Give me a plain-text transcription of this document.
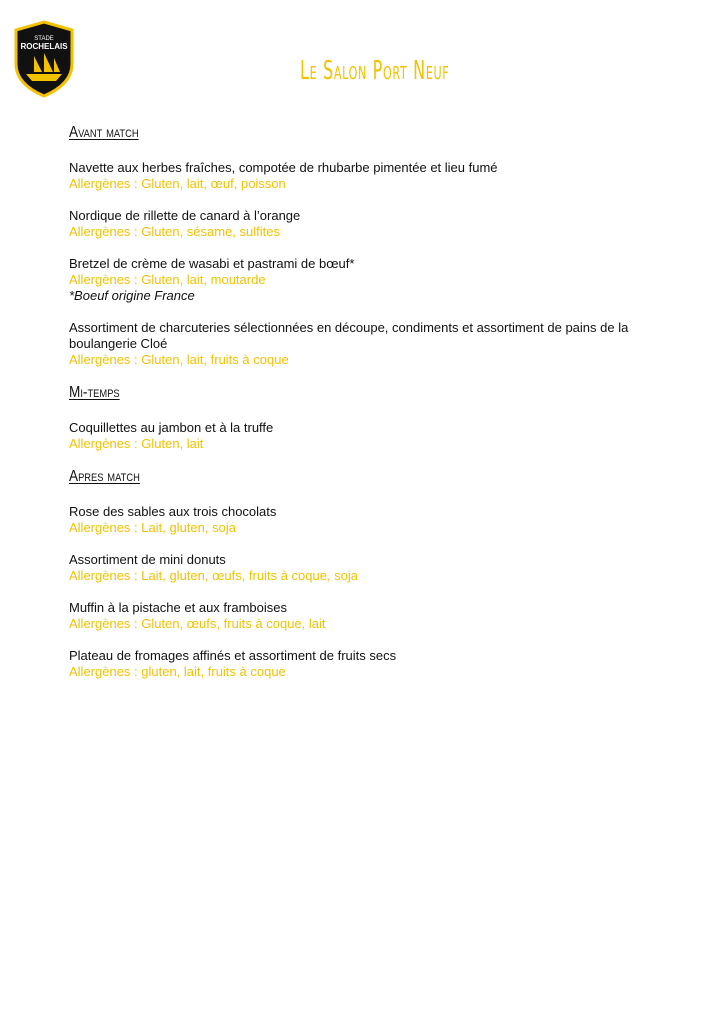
STADE
ROCHELAIS
Le Salon Port Neuf
Avant match
Navette aux herbes fraîches, compotée de rhubarbe pimentée et lieu fumé
Allergènes : Gluten, lait, œuf, poisson
Nordique de rillette de canard à l’orange
Allergènes : Gluten, sésame, sulfites
Bretzel de crème de wasabi et pastrami de bœuf*
Allergènes : Gluten, lait, moutarde
*Boeuf origine France
Assortiment de charcuteries sélectionnées en découpe, condiments et assortiment de pains de la boulangerie Cloé
Allergènes : Gluten, lait, fruits à coque
Mi-temps
Coquillettes au jambon et à la truffe
Allergènes : Gluten, lait
Apres match
Rose des sables aux trois chocolats
Allergènes : Lait, gluten, soja
Assortiment de mini donuts
Allergènes : Lait, gluten, œufs, fruits à coque, soja
Muffin à la pistache et aux framboises
Allergènes : Gluten, œufs, fruits à coque, lait
Plateau de fromages affinés et assortiment de fruits secs
Allergènes : gluten, lait, fruits à coque
